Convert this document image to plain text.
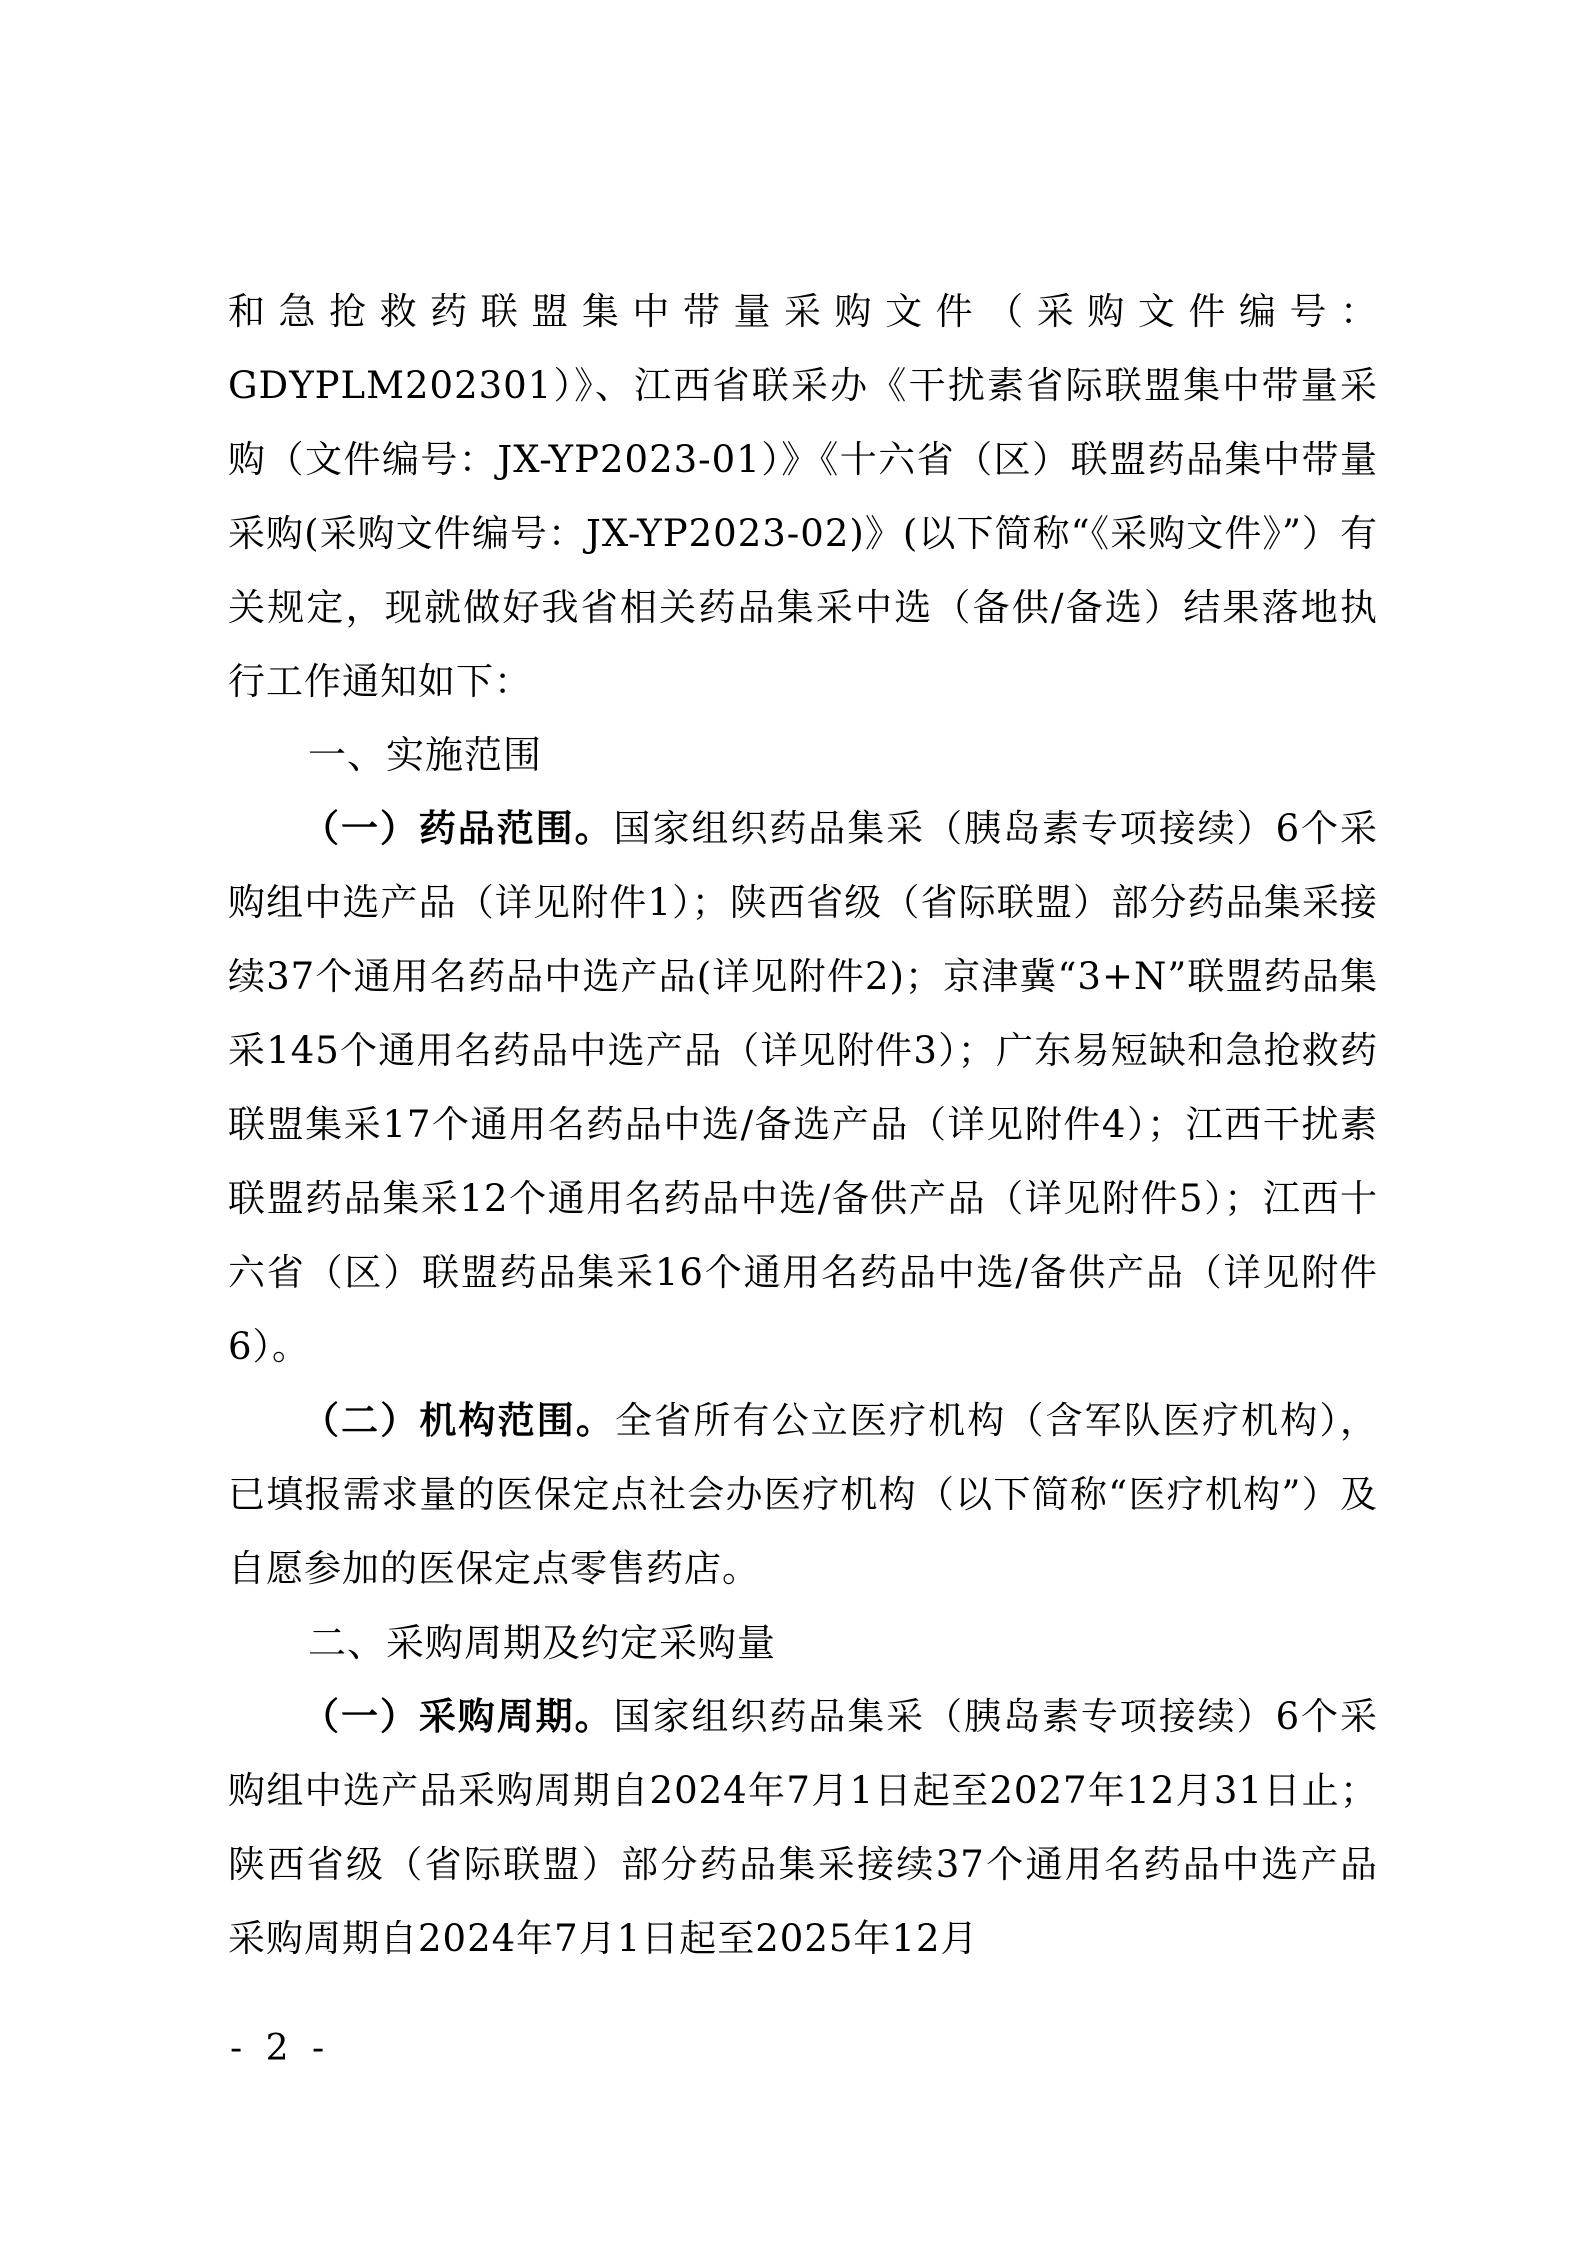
和急抢救药联盟集中带量采购文件（采购文件编号：GDYPLM202301）》、江西省联采办《干扰素省际联盟集中带量采购（文件编号：JX-YP2023-01）》《十六省（区）联盟药品集中带量采购(采购文件编号：JX-YP2023-02)》(以下简称“《采购文件》”）有关规定，现就做好我省相关药品集采中选（备供/备选）结果落地执行工作通知如下：

一、实施范围

（一）药品范围。国家组织药品集采（胰岛素专项接续）6个采购组中选产品（详见附件1）；陕西省级（省际联盟）部分药品集采接续37个通用名药品中选产品(详见附件2)；京津冀“3+N”联盟药品集采145个通用名药品中选产品（详见附件3）；广东易短缺和急抢救药联盟集采17个通用名药品中选/备选产品（详见附件4）；江西干扰素联盟药品集采12个通用名药品中选/备供产品（详见附件5）；江西十六省（区）联盟药品集采16个通用名药品中选/备供产品（详见附件6）。

（二）机构范围。全省所有公立医疗机构（含军队医疗机构），已填报需求量的医保定点社会办医疗机构（以下简称“医疗机构”）及自愿参加的医保定点零售药店。

二、采购周期及约定采购量

（一）采购周期。国家组织药品集采（胰岛素专项接续）6个采购组中选产品采购周期自2024年7月1日起至2027年12月31日止；陕西省级（省际联盟）部分药品集采接续37个通用名药品中选产品采购周期自2024年7月1日起至2025年12月

- 2 -
